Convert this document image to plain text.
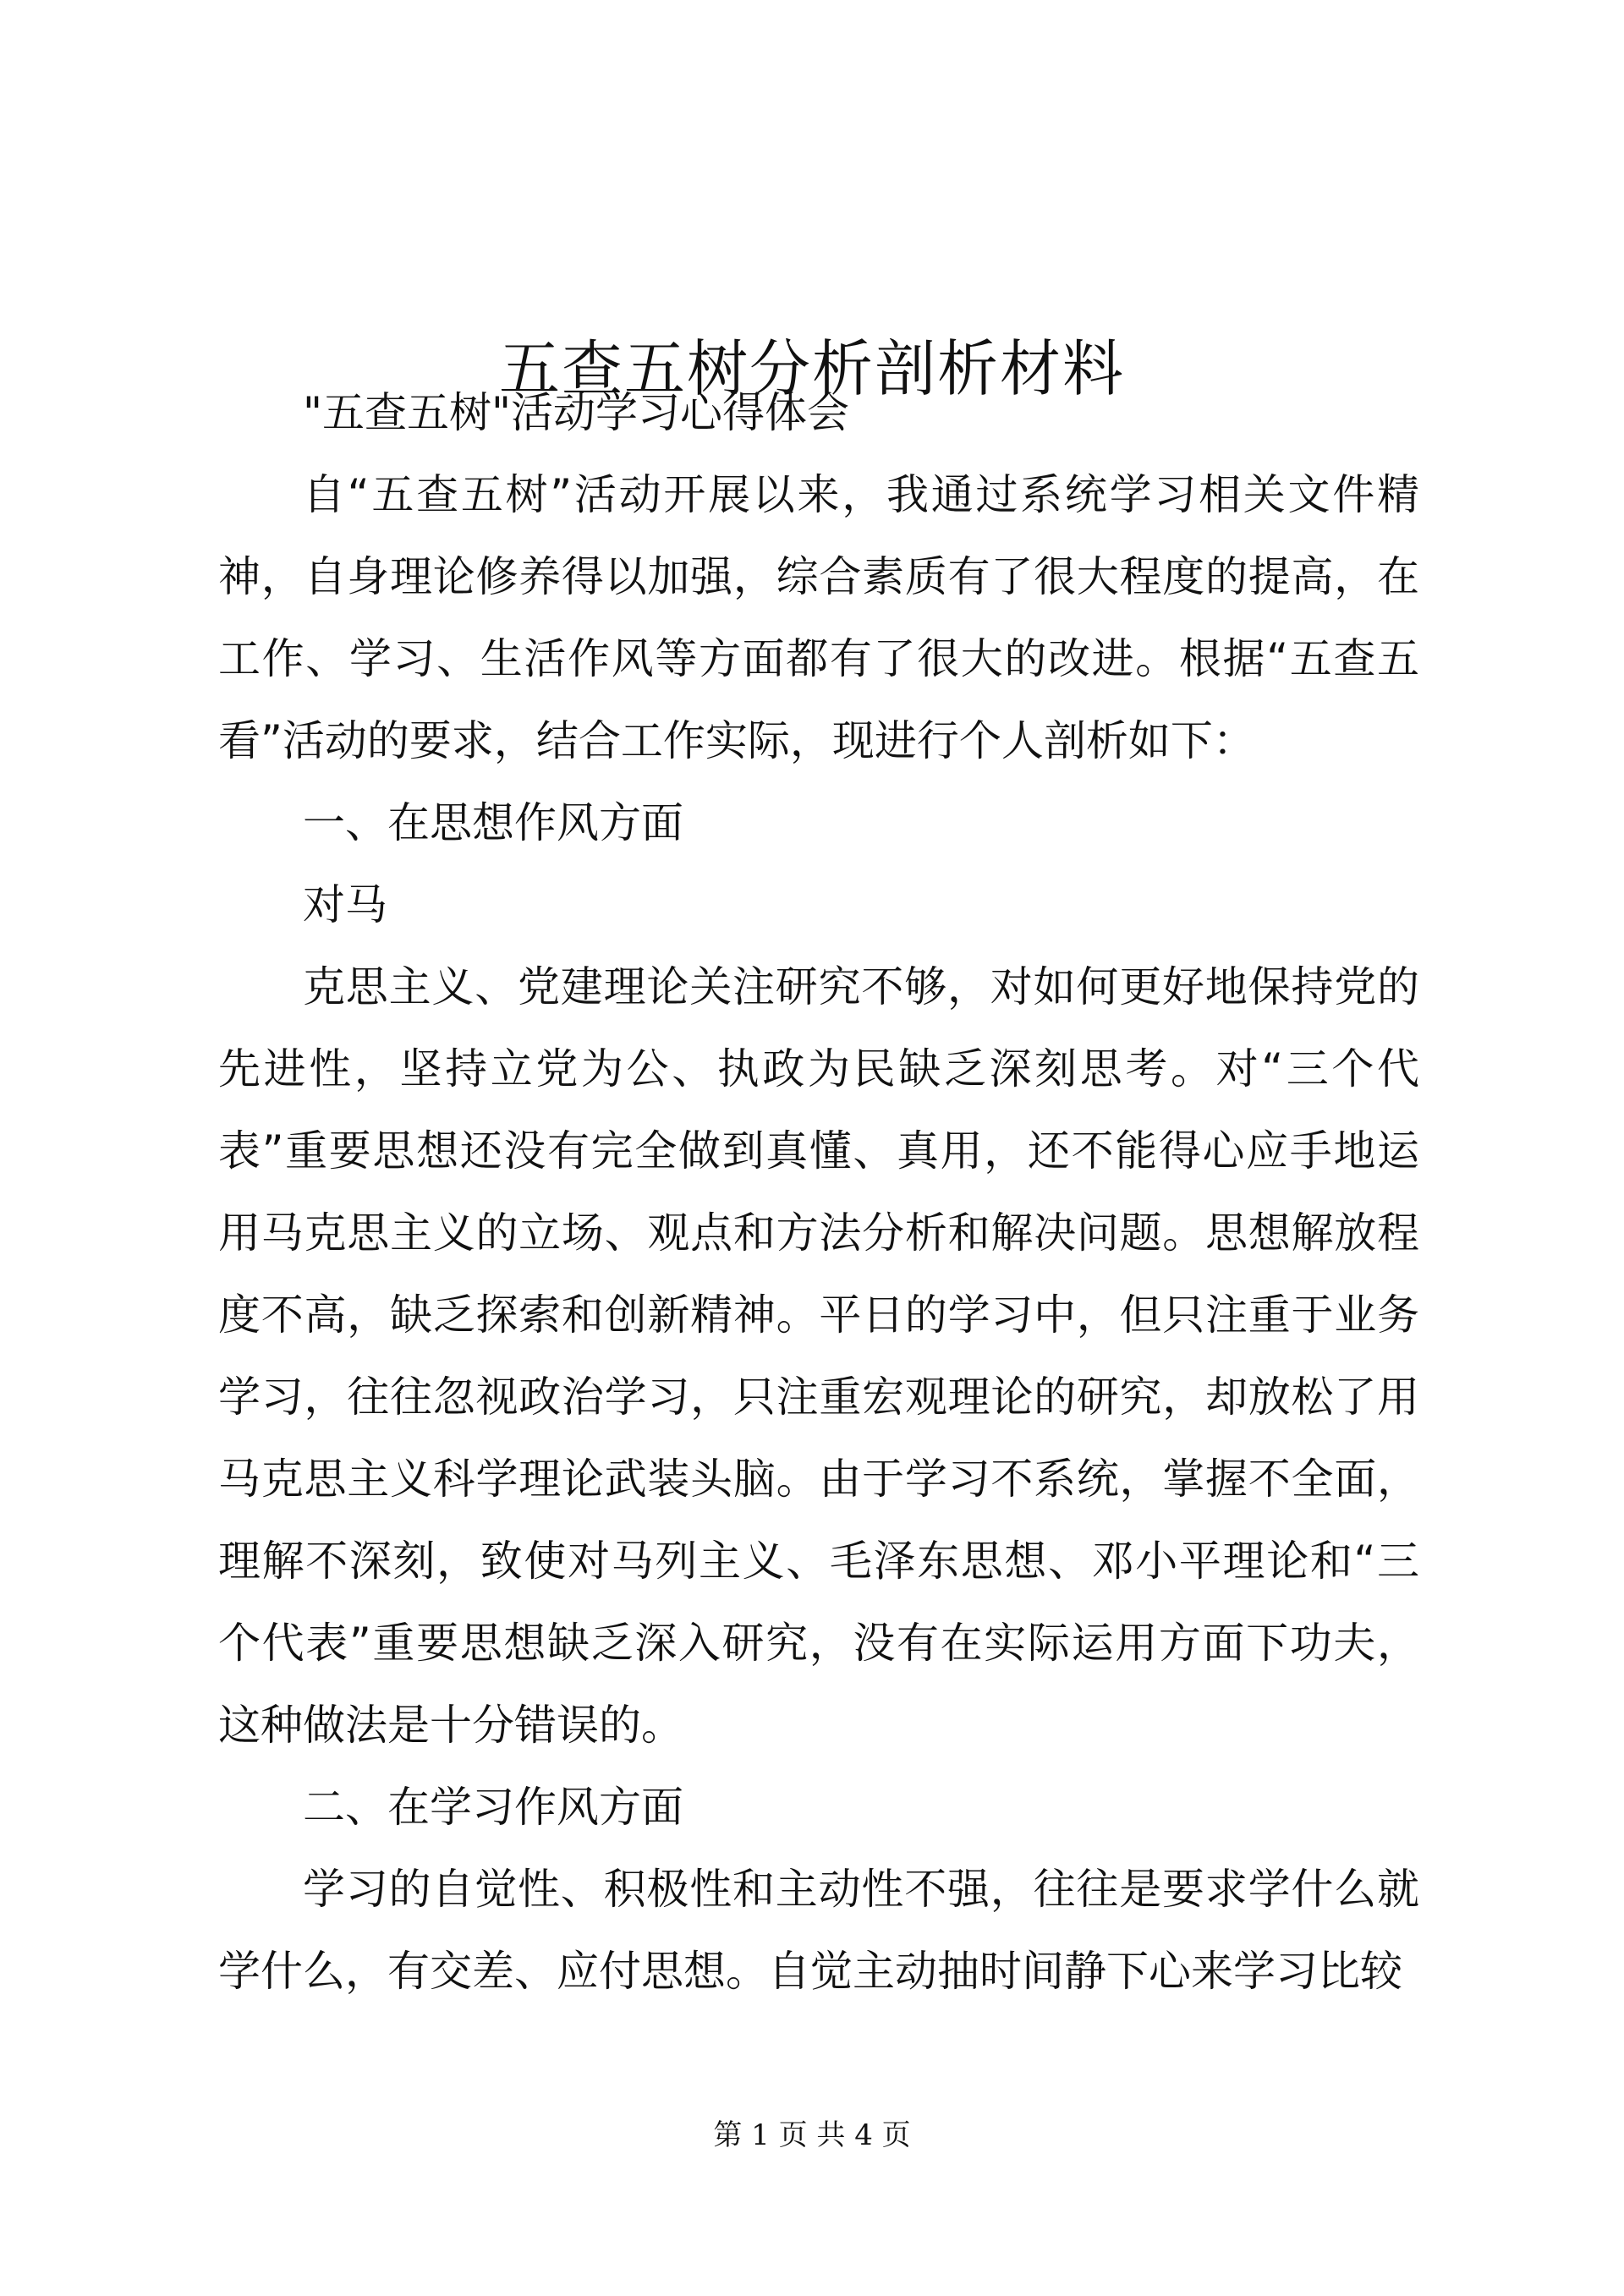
五查五树分析剖析材料

"五查五树"活动学习心得体会

自“五查五树”活动开展以来，我通过系统学习相关文件精神，自身理论修养得以加强，综合素质有了很大程度的提高，在工作、学习、生活作风等方面都有了很大的改进。根据“五查五看”活动的要求，结合工作实际，现进行个人剖析如下：

一、在思想作风方面

对马

克思主义、党建理论关注研究不够，对如何更好地保持党的先进性，坚持立党为公、执政为民缺乏深刻思考。对“三个代表”重要思想还没有完全做到真懂、真用，还不能得心应手地运用马克思主义的立场、观点和方法分析和解决问题。思想解放程度不高，缺乏探索和创新精神。平日的学习中，但只注重于业务学习，往往忽视政治学习，只注重宏观理论的研究，却放松了用马克思主义科学理论武装头脑。由于学习不系统，掌握不全面，理解不深刻，致使对马列主义、毛泽东思想、邓小平理论和“三个代表”重要思想缺乏深入研究，没有在实际运用方面下功夫，这种做法是十分错误的。

二、在学习作风方面

学习的自觉性、积极性和主动性不强，往往是要求学什么就学什么，有交差、应付思想。自觉主动抽时间静下心来学习比较

第 1 页 共 4 页
